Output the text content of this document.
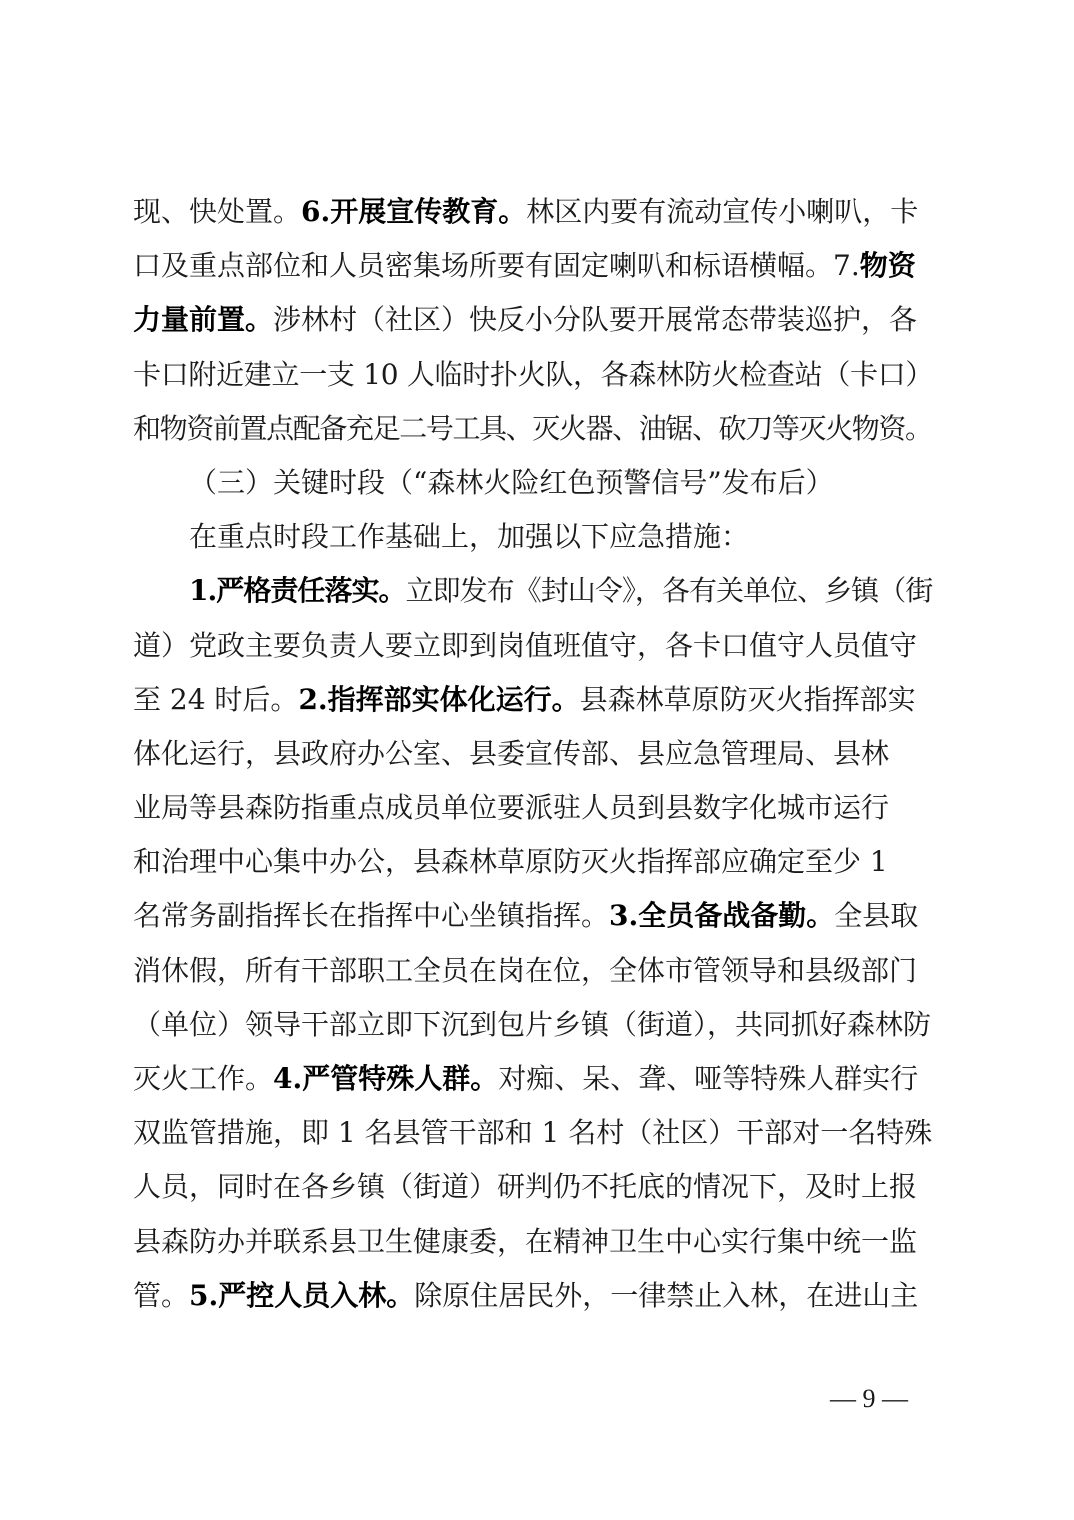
现、快处置。6.开展宣传教育。林区内要有流动宣传小喇叭，卡
口及重点部位和人员密集场所要有固定喇叭和标语横幅。7.物资
力量前置。涉林村（社区）快反小分队要开展常态带装巡护，各
卡口附近建立一支 10 人临时扑火队，各森林防火检查站（卡口）
和物资前置点配备充足二号工具、灭火器、油锯、砍刀等灭火物资。
（三）关键时段（“森林火险红色预警信号”发布后）
在重点时段工作基础上，加强以下应急措施：
1.严格责任落实。立即发布《封山令》，各有关单位、乡镇（街
道）党政主要负责人要立即到岗值班值守，各卡口值守人员值守
至 24 时后。2.指挥部实体化运行。县森林草原防灭火指挥部实
体化运行，县政府办公室、县委宣传部、县应急管理局、县林
业局等县森防指重点成员单位要派驻人员到县数字化城市运行
和治理中心集中办公，县森林草原防灭火指挥部应确定至少 1
名常务副指挥长在指挥中心坐镇指挥。3.全员备战备勤。全县取
消休假，所有干部职工全员在岗在位，全体市管领导和县级部门
（单位）领导干部立即下沉到包片乡镇（街道），共同抓好森林防
灭火工作。4.严管特殊人群。对痴、呆、聋、哑等特殊人群实行
双监管措施，即 1 名县管干部和 1 名村（社区）干部对一名特殊
人员，同时在各乡镇（街道）研判仍不托底的情况下，及时上报
县森防办并联系县卫生健康委，在精神卫生中心实行集中统一监
管。5.严控人员入林。除原住居民外，一律禁止入林，在进山主
— 9 —
